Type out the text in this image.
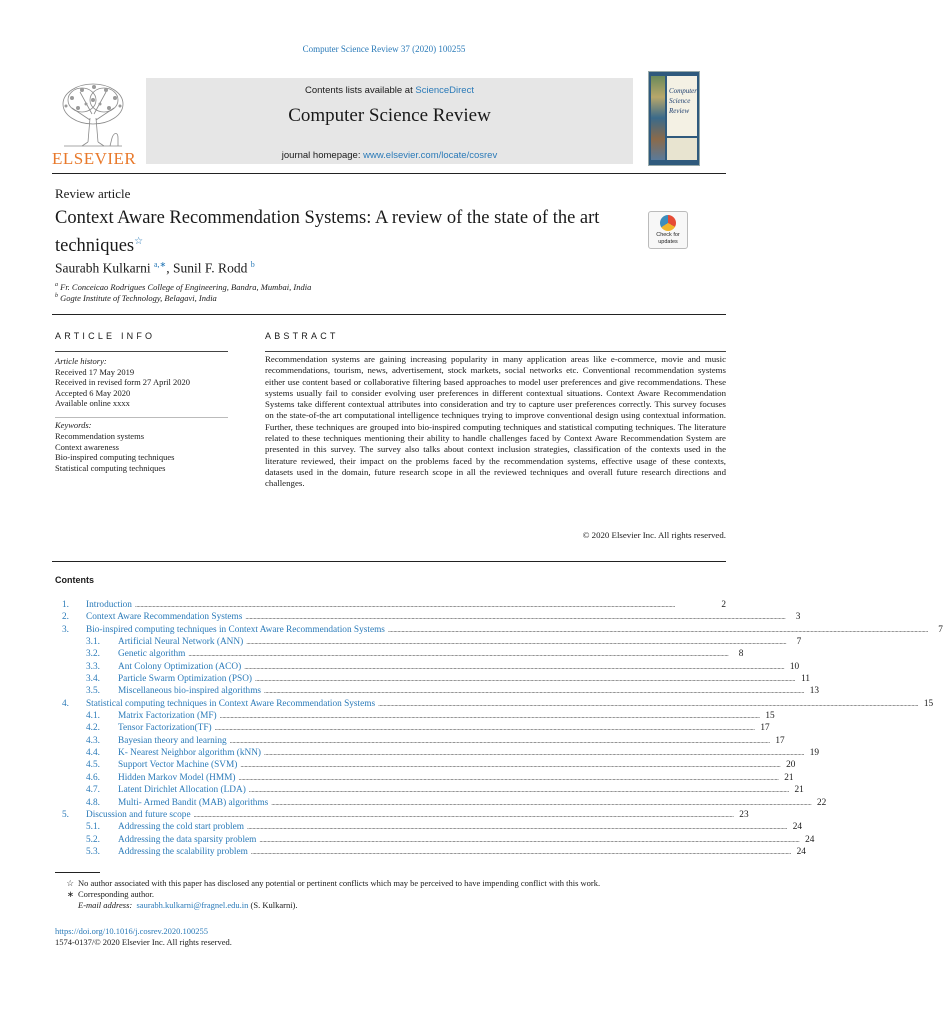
Computer Science Review 37 (2020) 100255
ELSEVIER
Contents lists available at ScienceDirect
Computer Science Review
journal homepage: www.elsevier.com/locate/cosrev
Computer
Science
Review
Review article
Context Aware Recommendation Systems: A review of the state of the art techniques☆
Check for
updates
Saurabh Kulkarni $^{a,∗}$, Sunil F. Rodd $^b$
$^a$ Fr. Conceicao Rodrigues College of Engineering, Bandra, Mumbai, India
$^b$ Gogte Institute of Technology, Belagavi, India
ARTICLE INFO	ABSTRACT
Article history:
Received 17 May 2019
Received in revised form 27 April 2020
Accepted 6 May 2020
Available online xxxx
Keywords:
Recommendation systems
Context awareness
Bio-inspired computing techniques
Statistical computing techniques
Recommendation systems are gaining increasing popularity in many application areas like e-commerce, movie and music recommendations, tourism, news, advertisement, stock markets, social networks etc. Conventional recommendation systems either use content based or collaborative filtering based approaches to model user preferences and give recommendations. These systems usually fail to consider evolving user preferences in different contextual situations. Context Aware Recommendation Systems take different contextual attributes into consideration and try to capture user preferences correctly. This survey focuses on the state-of-the art computational intelligence techniques trying to improve conventional design using contextual information. Further, these techniques are grouped into bio-inspired computing techniques and statistical computing techniques. The literature related to these techniques mentioning their ability to handle challenges faced by Context Aware Recommendation System are presented in this survey. The survey also talks about context inclusion strategies, classification of the contexts used in the literature reviewed, their impact on the problems faced by the recommendation systems, effective usage of these contexts, datasets used in the domain, future research scope in all the reviewed techniques and overall future research directions and challenges.
© 2020 Elsevier Inc. All rights reserved.
Contents
1.	Introduction ................................................................................................................................................................................................................................................................................................................................................................................................................	2
2.	Context Aware Recommendation Systems ................................................................................................................................................................................................................................................................................................................................................................................................................	3
3.	Bio-inspired computing techniques in Context Aware Recommendation Systems ................................................................................................................................................................................................................................................................................................................................................................................................................	7
3.1.	Artificial Neural Network (ANN) ................................................................................................................................................................................................................................................................................................................................................................................................................	7
3.2.	Genetic algorithm ................................................................................................................................................................................................................................................................................................................................................................................................................	8
3.3.	Ant Colony Optimization (ACO) ................................................................................................................................................................................................................................................................................................................................................................................................................ 10
3.4.	Particle Swarm Optimization (PSO) ................................................................................................................................................................................................................................................................................................................................................................................................................ 11
3.5.	Miscellaneous bio-inspired algorithms ................................................................................................................................................................................................................................................................................................................................................................................................................ 13
4.	Statistical computing techniques in Context Aware Recommendation Systems ................................................................................................................................................................................................................................................................................................................................................................................................................ 15
4.1.	Matrix Factorization (MF) ................................................................................................................................................................................................................................................................................................................................................................................................................ 15
4.2.	Tensor Factorization(TF) ................................................................................................................................................................................................................................................................................................................................................................................................................ 17
4.3.	Bayesian theory and learning ................................................................................................................................................................................................................................................................................................................................................................................................................ 17
4.4.	K- Nearest Neighbor algorithm (kNN) ................................................................................................................................................................................................................................................................................................................................................................................................................ 19
4.5.	Support Vector Machine (SVM) ................................................................................................................................................................................................................................................................................................................................................................................................................ 20
4.6.	Hidden Markov Model (HMM) ................................................................................................................................................................................................................................................................................................................................................................................................................ 21
4.7.	Latent Dirichlet Allocation (LDA) ................................................................................................................................................................................................................................................................................................................................................................................................................ 21
4.8.	Multi- Armed Bandit (MAB) algorithms ................................................................................................................................................................................................................................................................................................................................................................................................................ 22
5.	Discussion and future scope ................................................................................................................................................................................................................................................................................................................................................................................................................ 23
5.1.	Addressing the cold start problem ................................................................................................................................................................................................................................................................................................................................................................................................................ 24
5.2.	Addressing the data sparsity problem ................................................................................................................................................................................................................................................................................................................................................................................................................ 24
5.3.	Addressing the scalability problem ................................................................................................................................................................................................................................................................................................................................................................................................................ 24
☆ No author associated with this paper has disclosed any potential or pertinent conflicts which may be perceived to have impending conflict with this work.
∗ Corresponding author.
E-mail address: saurabh.kulkarni@fragnel.edu.in (S. Kulkarni).
https://doi.org/10.1016/j.cosrev.2020.100255
1574-0137/© 2020 Elsevier Inc. All rights reserved.
